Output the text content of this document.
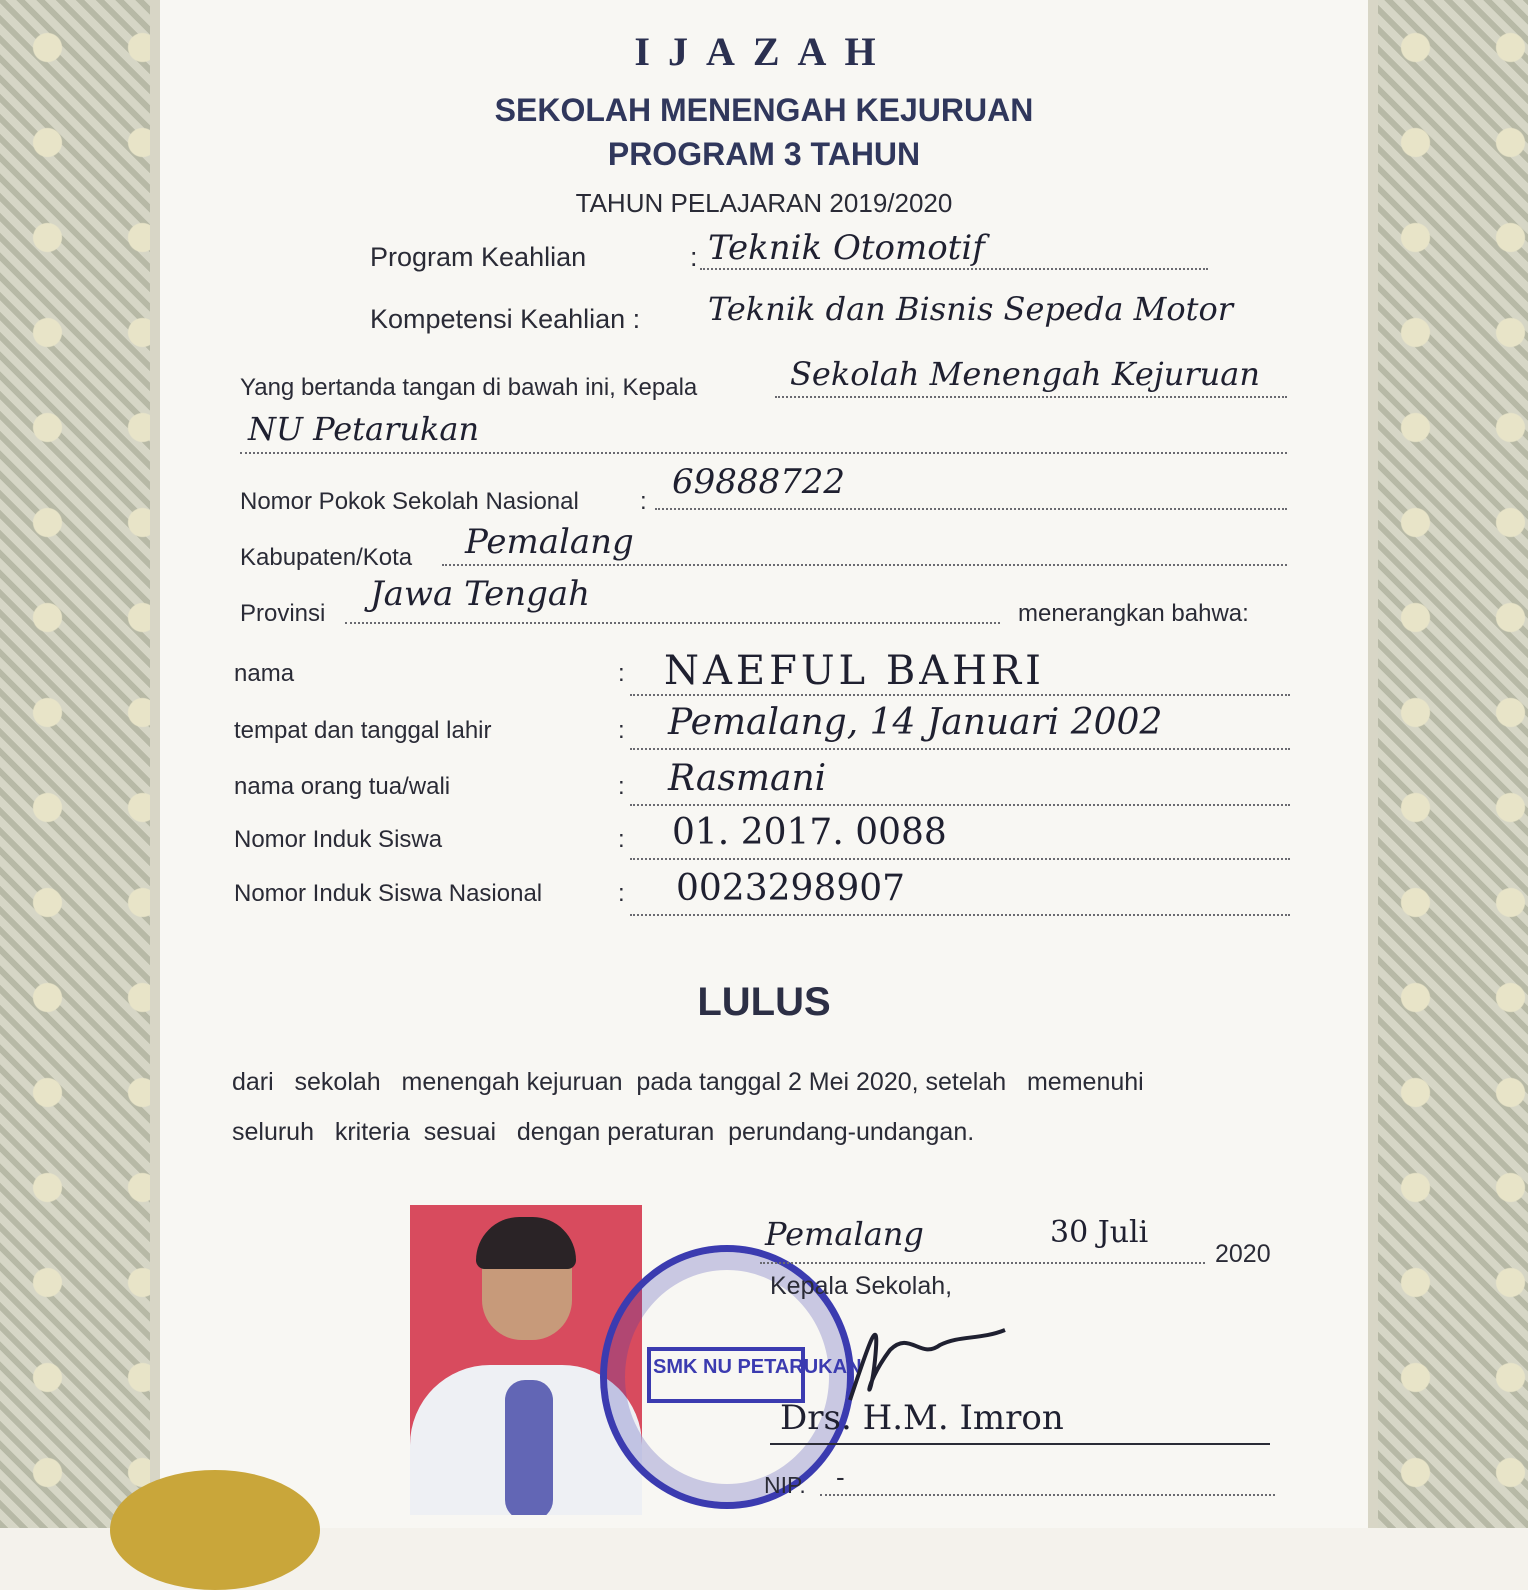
IJAZAH
SEKOLAH MENENGAH KEJURUAN
PROGRAM 3 TAHUN
TAHUN PELAJARAN 2019/2020
Program Keahlian	: Teknik Otomotif
Kompetensi Keahlian : Teknik dan Bisnis Sepeda Motor
Yang bertanda tangan di bawah ini, Kepala	Sekolah Menengah Kejuruan
NU Petarukan
Nomor Pokok Sekolah Nasional	: 69888722
Kabupaten/Kota Pemalang
Provinsi Jawa Tengah	menerangkan bahwa:
nama	: NAEFUL BAHRI
tempat dan tanggal lahir	: Pemalang, 14 Januari 2002
nama orang tua/wali	: Rasmani
Nomor Induk Siswa	: 01. 2017. 0088
Nomor Induk Siswa Nasional	: 0023298907
LULUS
dari   sekolah   menengah kejuruan  pada tanggal 2 Mei 2020, setelah   memenuhi
seluruh   kriteria  sesuai   dengan peraturan  perundang-undangan.
SMK NU PETARUKAN
Pemalang	30 Juli
2020
Kepala Sekolah,
Drs. H.M. Imron
NIP. -
